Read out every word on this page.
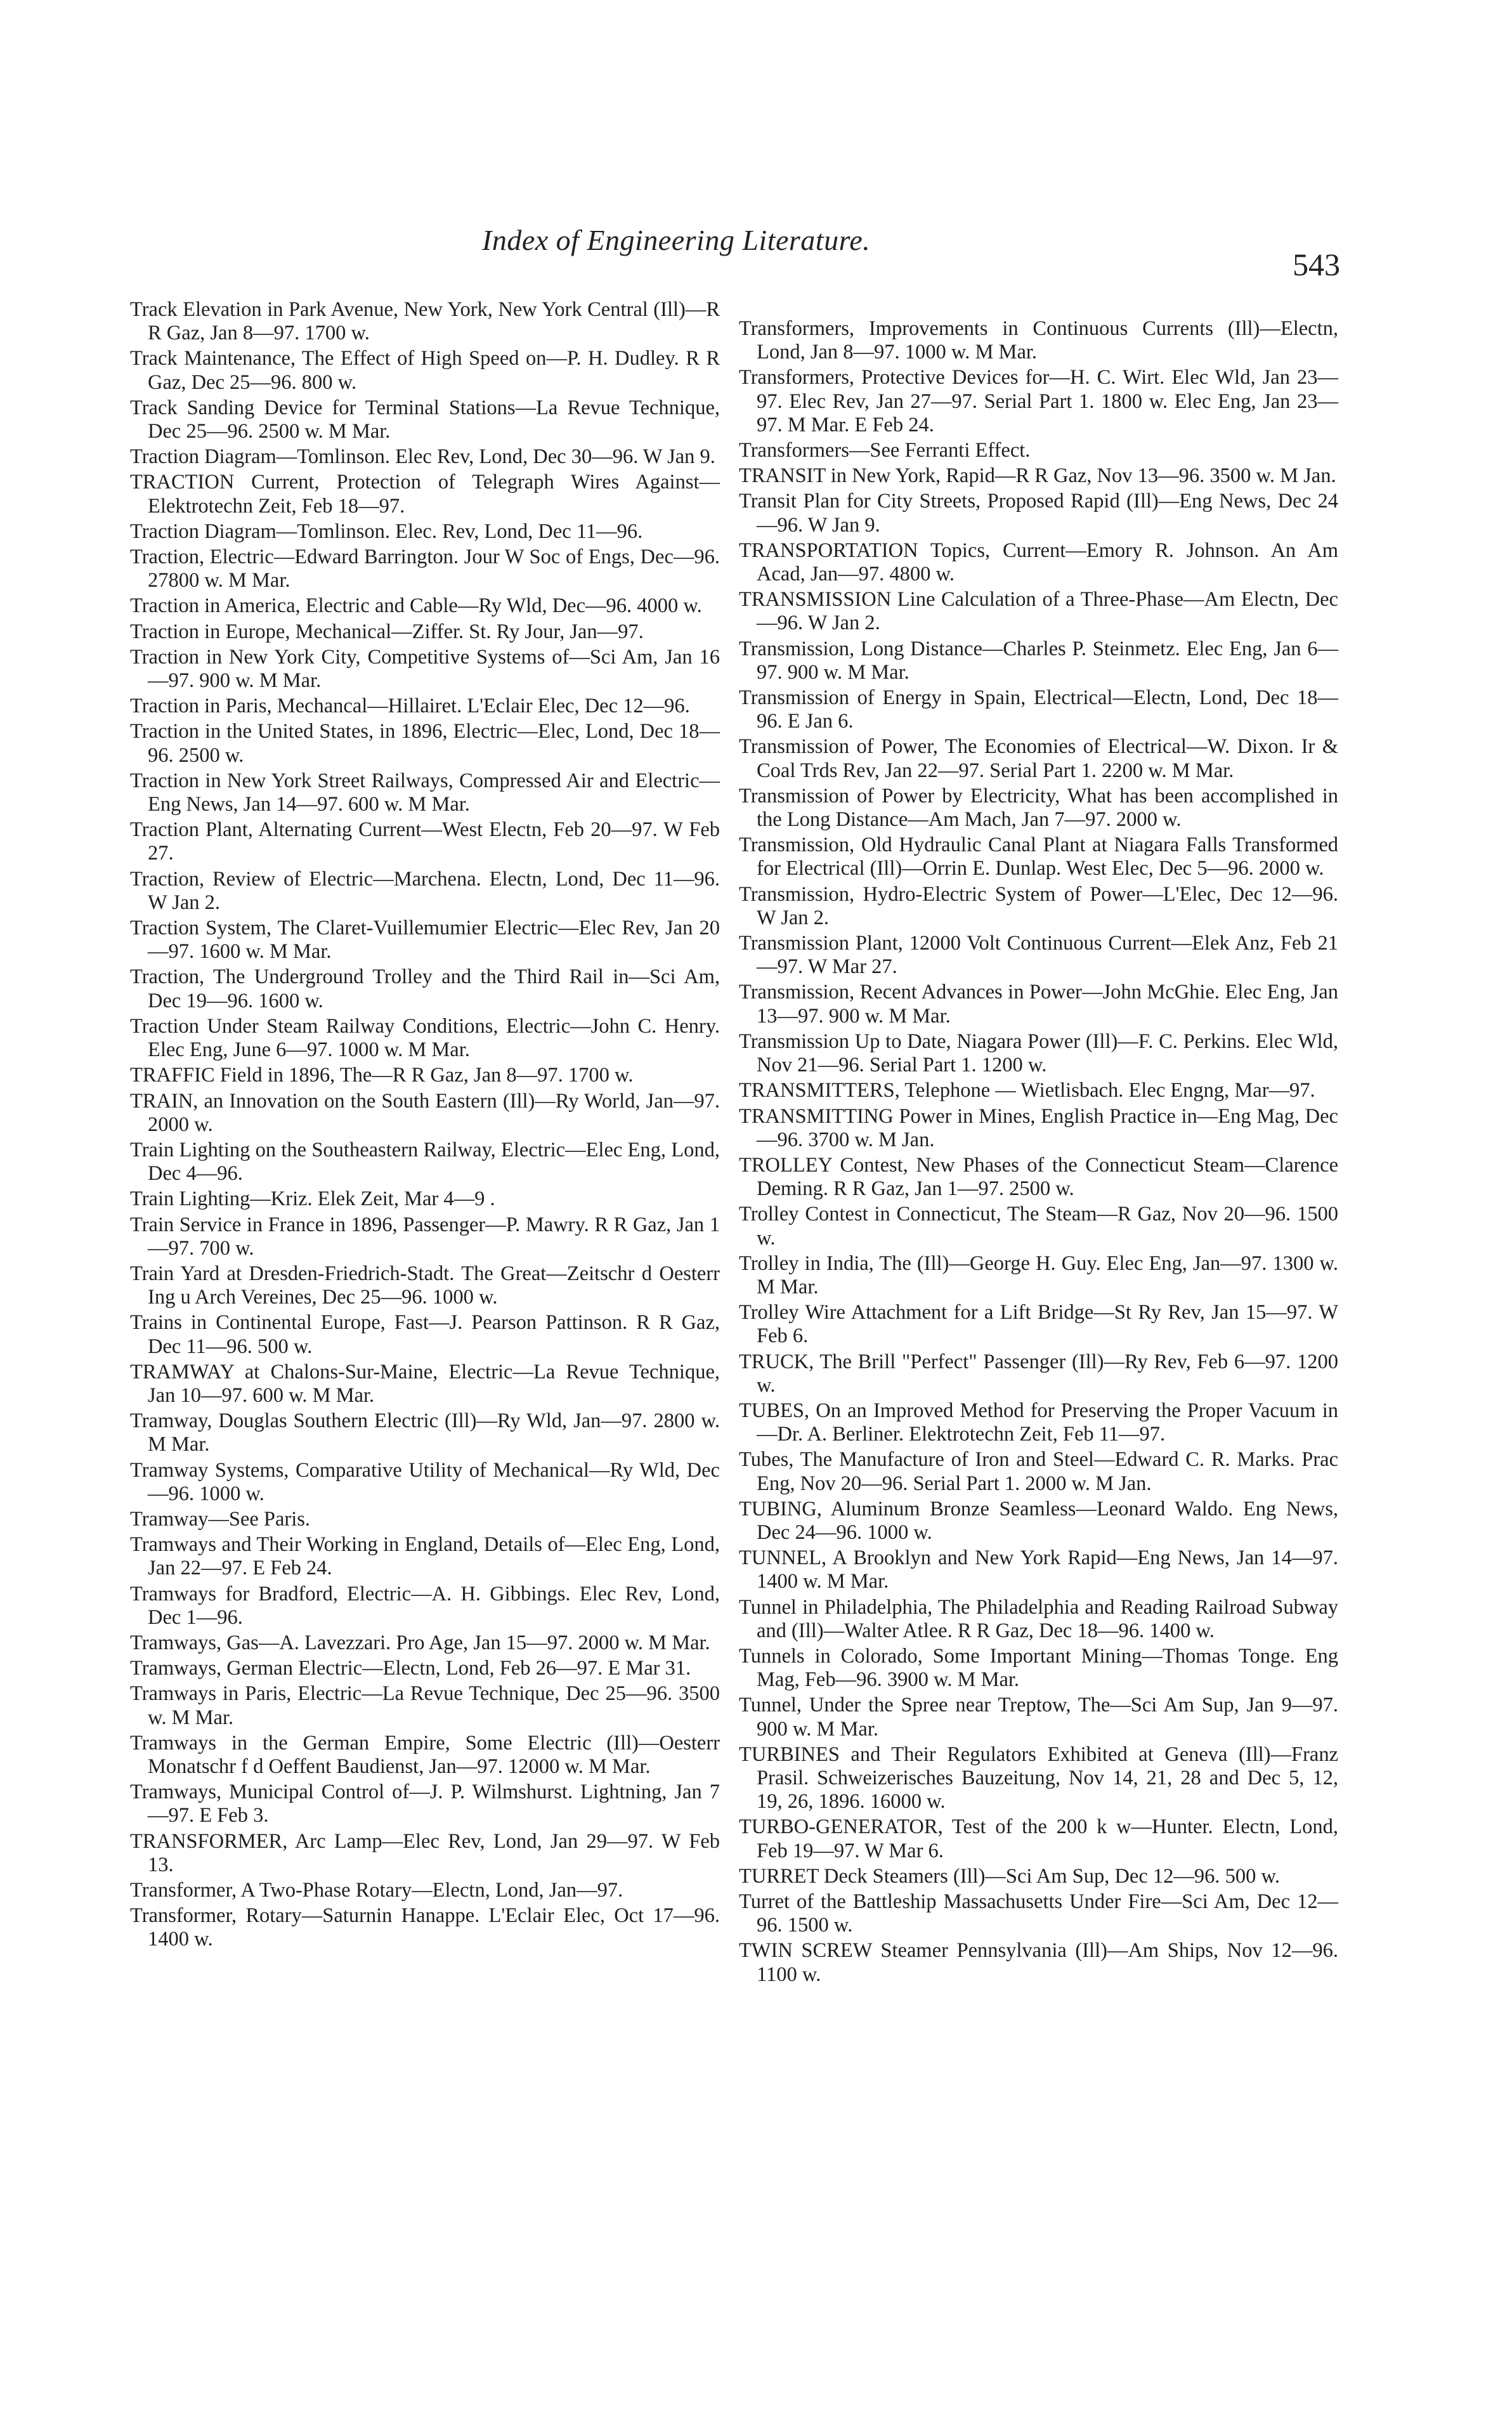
Index of Engineering Literature.
543

Track Elevation in Park Avenue, New York, New York Central (Ill)—R R Gaz, Jan 8—97. 1700 w.

Track Maintenance, The Effect of High Speed on—P. H. Dudley. R R Gaz, Dec 25—96. 800 w.

Track Sanding Device for Terminal Stations—La Revue Technique, Dec 25—96. 2500 w. M Mar.

Traction Diagram—Tomlinson. Elec Rev, Lond, Dec 30—96. W Jan 9.

TRACTION Current, Protection of Telegraph Wires Against—Elektrotechn Zeit, Feb 18—97.

Traction Diagram—Tomlinson. Elec. Rev, Lond, Dec 11—96.

Traction, Electric—Edward Barrington. Jour W Soc of Engs, Dec—96. 27800 w. M Mar.

Traction in America, Electric and Cable—Ry Wld, Dec—96. 4000 w.

Traction in Europe, Mechanical—Ziffer. St. Ry Jour, Jan—97.

Traction in New York City, Competitive Systems of—Sci Am, Jan 16—97. 900 w. M Mar.

Traction in Paris, Mechancal—Hillairet. L'Eclair Elec, Dec 12—96.

Traction in the United States, in 1896, Electric—Elec, Lond, Dec 18—96. 2500 w.

Traction in New York Street Railways, Compressed Air and Electric—Eng News, Jan 14—97. 600 w. M Mar.

Traction Plant, Alternating Current—West Electn, Feb 20—97. W Feb 27.

Traction, Review of Electric—Marchena. Electn, Lond, Dec 11—96. W Jan 2.

Traction System, The Claret-Vuillemumier Electric—Elec Rev, Jan 20—97. 1600 w. M Mar.

Traction, The Underground Trolley and the Third Rail in—Sci Am, Dec 19—96. 1600 w.

Traction Under Steam Railway Conditions, Electric—John C. Henry. Elec Eng, June 6—97. 1000 w. M Mar.

TRAFFIC Field in 1896, The—R R Gaz, Jan 8—97. 1700 w.

TRAIN, an Innovation on the South Eastern (Ill)—Ry World, Jan—97. 2000 w.

Train Lighting on the Southeastern Railway, Electric—Elec Eng, Lond, Dec 4—96.

Train Lighting—Kriz. Elek Zeit, Mar 4—9 .

Train Service in France in 1896, Passenger—P. Mawry. R R Gaz, Jan 1—97. 700 w.

Train Yard at Dresden-Friedrich-Stadt. The Great—Zeitschr d Oesterr Ing u Arch Vereines, Dec 25—96. 1000 w.

Trains in Continental Europe, Fast—J. Pearson Pattinson. R R Gaz, Dec 11—96. 500 w.

TRAMWAY at Chalons-Sur-Maine, Electric—La Revue Technique, Jan 10—97. 600 w. M Mar.

Tramway, Douglas Southern Electric (Ill)—Ry Wld, Jan—97. 2800 w. M Mar.

Tramway Systems, Comparative Utility of Mechanical—Ry Wld, Dec—96. 1000 w.

Tramway—See Paris.

Tramways and Their Working in England, Details of—Elec Eng, Lond, Jan 22—97. E Feb 24.

Tramways for Bradford, Electric—A. H. Gibbings. Elec Rev, Lond, Dec 1—96.

Tramways, Gas—A. Lavezzari. Pro Age, Jan 15—97. 2000 w. M Mar.

Tramways, German Electric—Electn, Lond, Feb 26—97. E Mar 31.

Tramways in Paris, Electric—La Revue Technique, Dec 25—96. 3500 w. M Mar.

Tramways in the German Empire, Some Electric (Ill)—Oesterr Monatschr f d Oeffent Baudienst, Jan—97. 12000 w. M Mar.

Tramways, Municipal Control of—J. P. Wilmshurst. Lightning, Jan 7—97. E Feb 3.

TRANSFORMER, Arc Lamp—Elec Rev, Lond, Jan 29—97. W Feb 13.

Transformer, A Two-Phase Rotary—Electn, Lond, Jan—97.

Transformer, Rotary—Saturnin Hanappe. L'Eclair Elec, Oct 17—96. 1400 w.

Transformers, Improvements in Continuous Currents (Ill)—Electn, Lond, Jan 8—97. 1000 w. M Mar.

Transformers, Protective Devices for—H. C. Wirt. Elec Wld, Jan 23—97. Elec Rev, Jan 27—97. Serial Part 1. 1800 w. Elec Eng, Jan 23—97. M Mar. E Feb 24.

Transformers—See Ferranti Effect.

TRANSIT in New York, Rapid—R R Gaz, Nov 13—96. 3500 w. M Jan.

Transit Plan for City Streets, Proposed Rapid (Ill)—Eng News, Dec 24—96. W Jan 9.

TRANSPORTATION Topics, Current—Emory R. Johnson. An Am Acad, Jan—97. 4800 w.

TRANSMISSION Line Calculation of a Three-Phase—Am Electn, Dec—96. W Jan 2.

Transmission, Long Distance—Charles P. Steinmetz. Elec Eng, Jan 6—97. 900 w. M Mar.

Transmission of Energy in Spain, Electrical—Electn, Lond, Dec 18—96. E Jan 6.

Transmission of Power, The Economies of Electrical—W. Dixon. Ir & Coal Trds Rev, Jan 22—97. Serial Part 1. 2200 w. M Mar.

Transmission of Power by Electricity, What has been accomplished in the Long Distance—Am Mach, Jan 7—97. 2000 w.

Transmission, Old Hydraulic Canal Plant at Niagara Falls Transformed for Electrical (Ill)—Orrin E. Dunlap. West Elec, Dec 5—96. 2000 w.

Transmission, Hydro-Electric System of Power—L'Elec, Dec 12—96. W Jan 2.

Transmission Plant, 12000 Volt Continuous Current—Elek Anz, Feb 21—97. W Mar 27.

Transmission, Recent Advances in Power—John McGhie. Elec Eng, Jan 13—97. 900 w. M Mar.

Transmission Up to Date, Niagara Power (Ill)—F. C. Perkins. Elec Wld, Nov 21—96. Serial Part 1. 1200 w.

TRANSMITTERS, Telephone — Wietlisbach. Elec Engng, Mar—97.

TRANSMITTING Power in Mines, English Practice in—Eng Mag, Dec—96. 3700 w. M Jan.

TROLLEY Contest, New Phases of the Connecticut Steam—Clarence Deming. R R Gaz, Jan 1—97. 2500 w.

Trolley Contest in Connecticut, The Steam—R Gaz, Nov 20—96. 1500 w.

Trolley in India, The (Ill)—George H. Guy. Elec Eng, Jan—97. 1300 w. M Mar.

Trolley Wire Attachment for a Lift Bridge—St Ry Rev, Jan 15—97. W Feb 6.

TRUCK, The Brill "Perfect" Passenger (Ill)—Ry Rev, Feb 6—97. 1200 w.

TUBES, On an Improved Method for Preserving the Proper Vacuum in—Dr. A. Berliner. Elektrotechn Zeit, Feb 11—97.

Tubes, The Manufacture of Iron and Steel—Edward C. R. Marks. Prac Eng, Nov 20—96. Serial Part 1. 2000 w. M Jan.

TUBING, Aluminum Bronze Seamless—Leonard Waldo. Eng News, Dec 24—96. 1000 w.

TUNNEL, A Brooklyn and New York Rapid—Eng News, Jan 14—97. 1400 w. M Mar.

Tunnel in Philadelphia, The Philadelphia and Reading Railroad Subway and (Ill)—Walter Atlee. R R Gaz, Dec 18—96. 1400 w.

Tunnels in Colorado, Some Important Mining—Thomas Tonge. Eng Mag, Feb—96. 3900 w. M Mar.

Tunnel, Under the Spree near Treptow, The—Sci Am Sup, Jan 9—97. 900 w. M Mar.

TURBINES and Their Regulators Exhibited at Geneva (Ill)—Franz Prasil. Schweizerisches Bauzeitung, Nov 14, 21, 28 and Dec 5, 12, 19, 26, 1896. 16000 w.

TURBO-GENERATOR, Test of the 200 k w—Hunter. Electn, Lond, Feb 19—97. W Mar 6.

TURRET Deck Steamers (Ill)—Sci Am Sup, Dec 12—96. 500 w.

Turret of the Battleship Massachusetts Under Fire—Sci Am, Dec 12—96. 1500 w.

TWIN SCREW Steamer Pennsylvania (Ill)—Am Ships, Nov 12—96. 1100 w.
